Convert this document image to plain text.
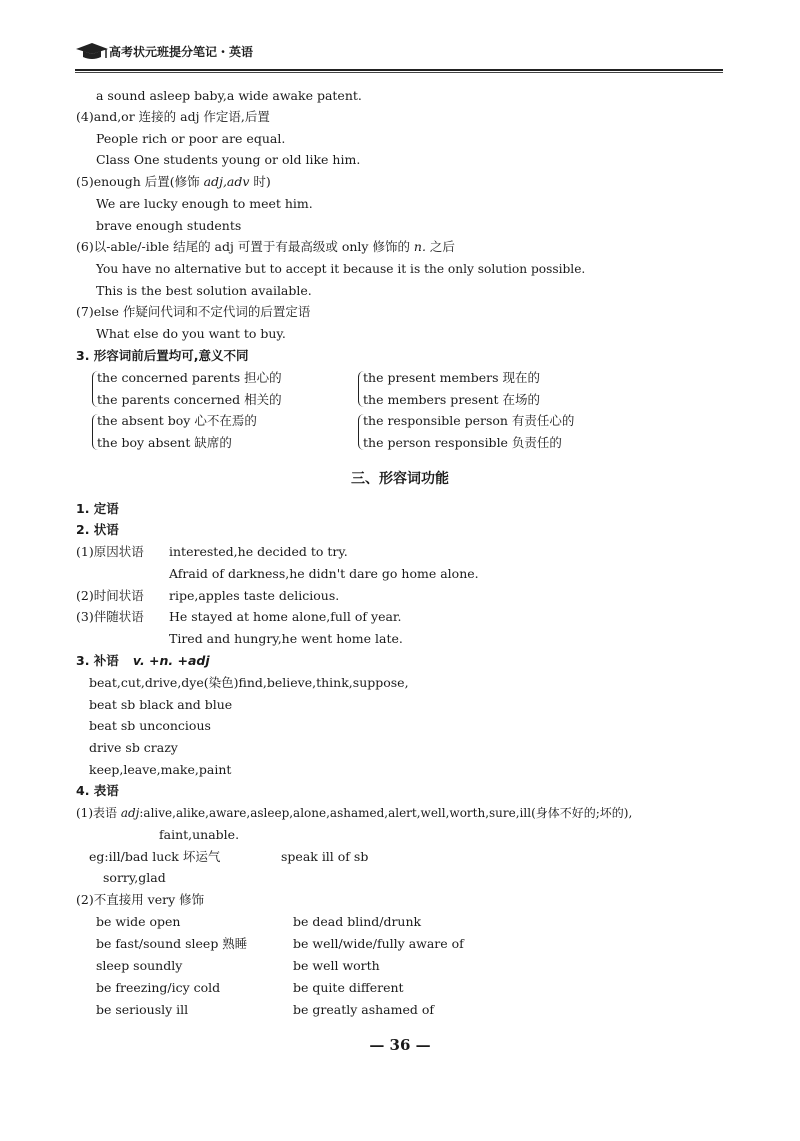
高考状元班提分笔记・英语
a sound asleep baby,a wide awake patent.
(4)and,or 连接的 adj 作定语,后置
People rich or poor are equal.
Class One students young or old like him.
(5)enough 后置(修饰 adj,adv 时)
We are lucky enough to meet him.
brave enough students
(6)以-able/-ible 结尾的 adj 可置于有最高级或 only 修饰的 n. 之后
You have no alternative but to accept it because it is the only solution possible.
This is the best solution available.
(7)else 作疑问代词和不定代词的后置定语
What else do you want to buy.
3. 形容词前后置均可,意义不同
the concerned parents 担心的
the parents concerned 相关的
the absent boy 心不在焉的
the boy absent 缺席的
the present members 现在的
the members present 在场的
the responsible person 有责任心的
the person responsible 负责任的
三、形容词功能
1. 定语
2. 状语
(1)原因状语 interested,he decided to try.
Afraid of darkness,he didn't dare go home alone.
(2)时间状语 ripe,apples taste delicious.
(3)伴随状语 He stayed at home alone,full of year.
Tired and hungry,he went home late.
3. 补语 v. +n. +adj
beat,cut,drive,dye(染色)find,believe,think,suppose,
beat sb black and blue
beat sb unconcious
drive sb crazy
keep,leave,make,paint
4. 表语
(1)表语 adj:alive,alike,aware,asleep,alone,ashamed,alert,well,worth,sure,ill(身体不好的;坏的),
faint,unable.
eg:ill/bad luck 坏运气	speak ill of sb
sorry,glad
(2)不直接用 very 修饰
be wide open
be fast/sound sleep 熟睡
sleep soundly
be freezing/icy cold
be seriously ill
be dead blind/drunk
be well/wide/fully aware of
be well worth
be quite different
be greatly ashamed of
— 36 —
